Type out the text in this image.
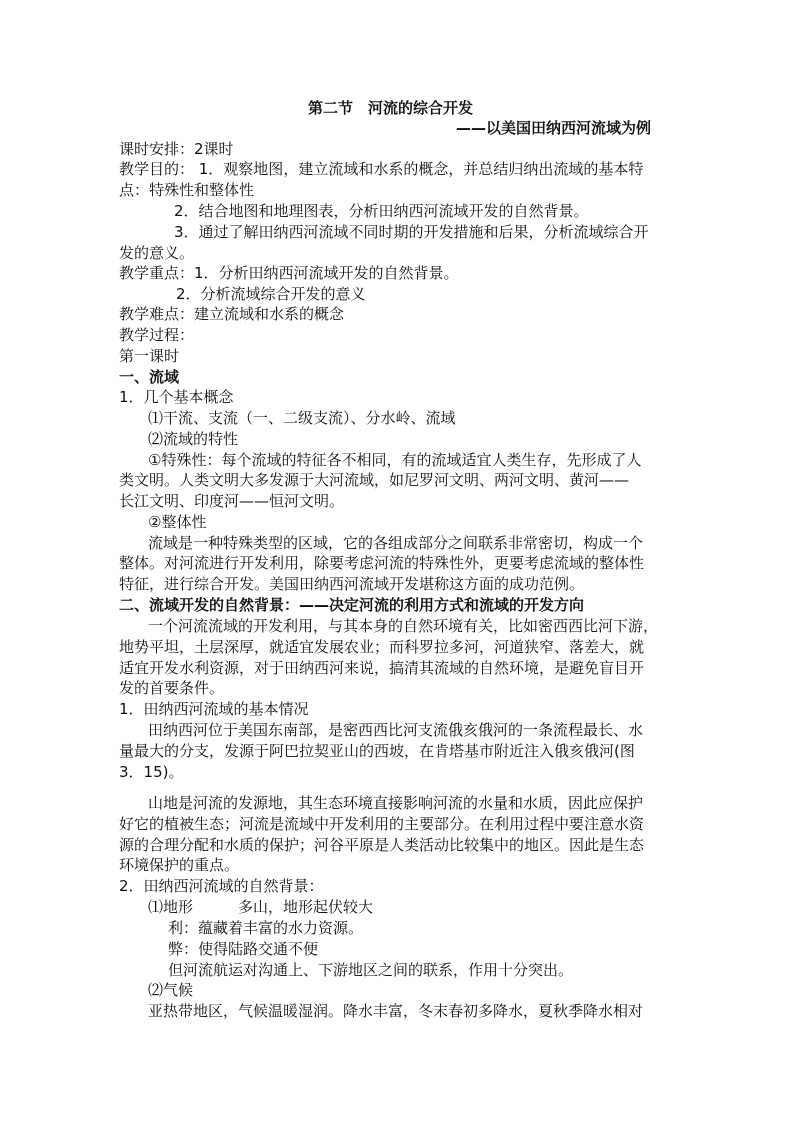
第二节　河流的综合开发
——以美国田纳西河流域为例
课时安排：2课时
教学目的： 1．观察地图，建立流域和水系的概念，并总结归纳出流域的基本特
点：特殊性和整体性
2．结合地图和地理图表，分析田纳西河流域开发的自然背景。
3．通过了解田纳西河流域不同时期的开发措施和后果，分析流域综合开
发的意义。
教学重点：1．分析田纳西河流域开发的自然背景。
2．分析流域综合开发的意义
教学难点：建立流域和水系的概念
教学过程：
第一课时
一、流域
1．几个基本概念
⑴干流、支流（一、二级支流）、分水岭、流域
⑵流域的特性
①特殊性：每个流域的特征各不相同，有的流域适宜人类生存，先形成了人
类文明。人类文明大多发源于大河流域，如尼罗河文明、两河文明、黄河——
长江文明、印度河——恒河文明。
②整体性
流域是一种特殊类型的区域，它的各组成部分之间联系非常密切，构成一个
整体。对河流进行开发利用，除要考虑河流的特殊性外，更要考虑流域的整体性
特征，进行综合开发。美国田纳西河流域开发堪称这方面的成功范例。
二、流域开发的自然背景：——决定河流的利用方式和流域的开发方向
一个河流流域的开发利用，与其本身的自然环境有关，比如密西西比河下游，
地势平坦，土层深厚，就适宜发展农业；而科罗拉多河，河道狭窄、落差大，就
适宜开发水利资源，对于田纳西河来说，搞清其流域的自然环境，是避免盲目开
发的首要条件。
1．田纳西河流域的基本情况
田纳西河位于美国东南部，是密西西比河支流俄亥俄河的一条流程最长、水
量最大的分支，发源于阿巴拉契亚山的西坡，在肯塔基市附近注入俄亥俄河(图
3．15)。
山地是河流的发源地，其生态环境直接影响河流的水量和水质，因此应保护
好它的植被生态；河流是流域中开发利用的主要部分。在利用过程中要注意水资
源的合理分配和水质的保护；河谷平原是人类活动比较集中的地区。因此是生态
环境保护的重点。
2．田纳西河流域的自然背景：
⑴地形　　　多山，地形起伏较大
利：蕴藏着丰富的水力资源。
弊：使得陆路交通不便
但河流航运对沟通上、下游地区之间的联系，作用十分突出。
⑵气候
亚热带地区，气候温暖湿润。降水丰富，冬末春初多降水，夏秋季降水相对
